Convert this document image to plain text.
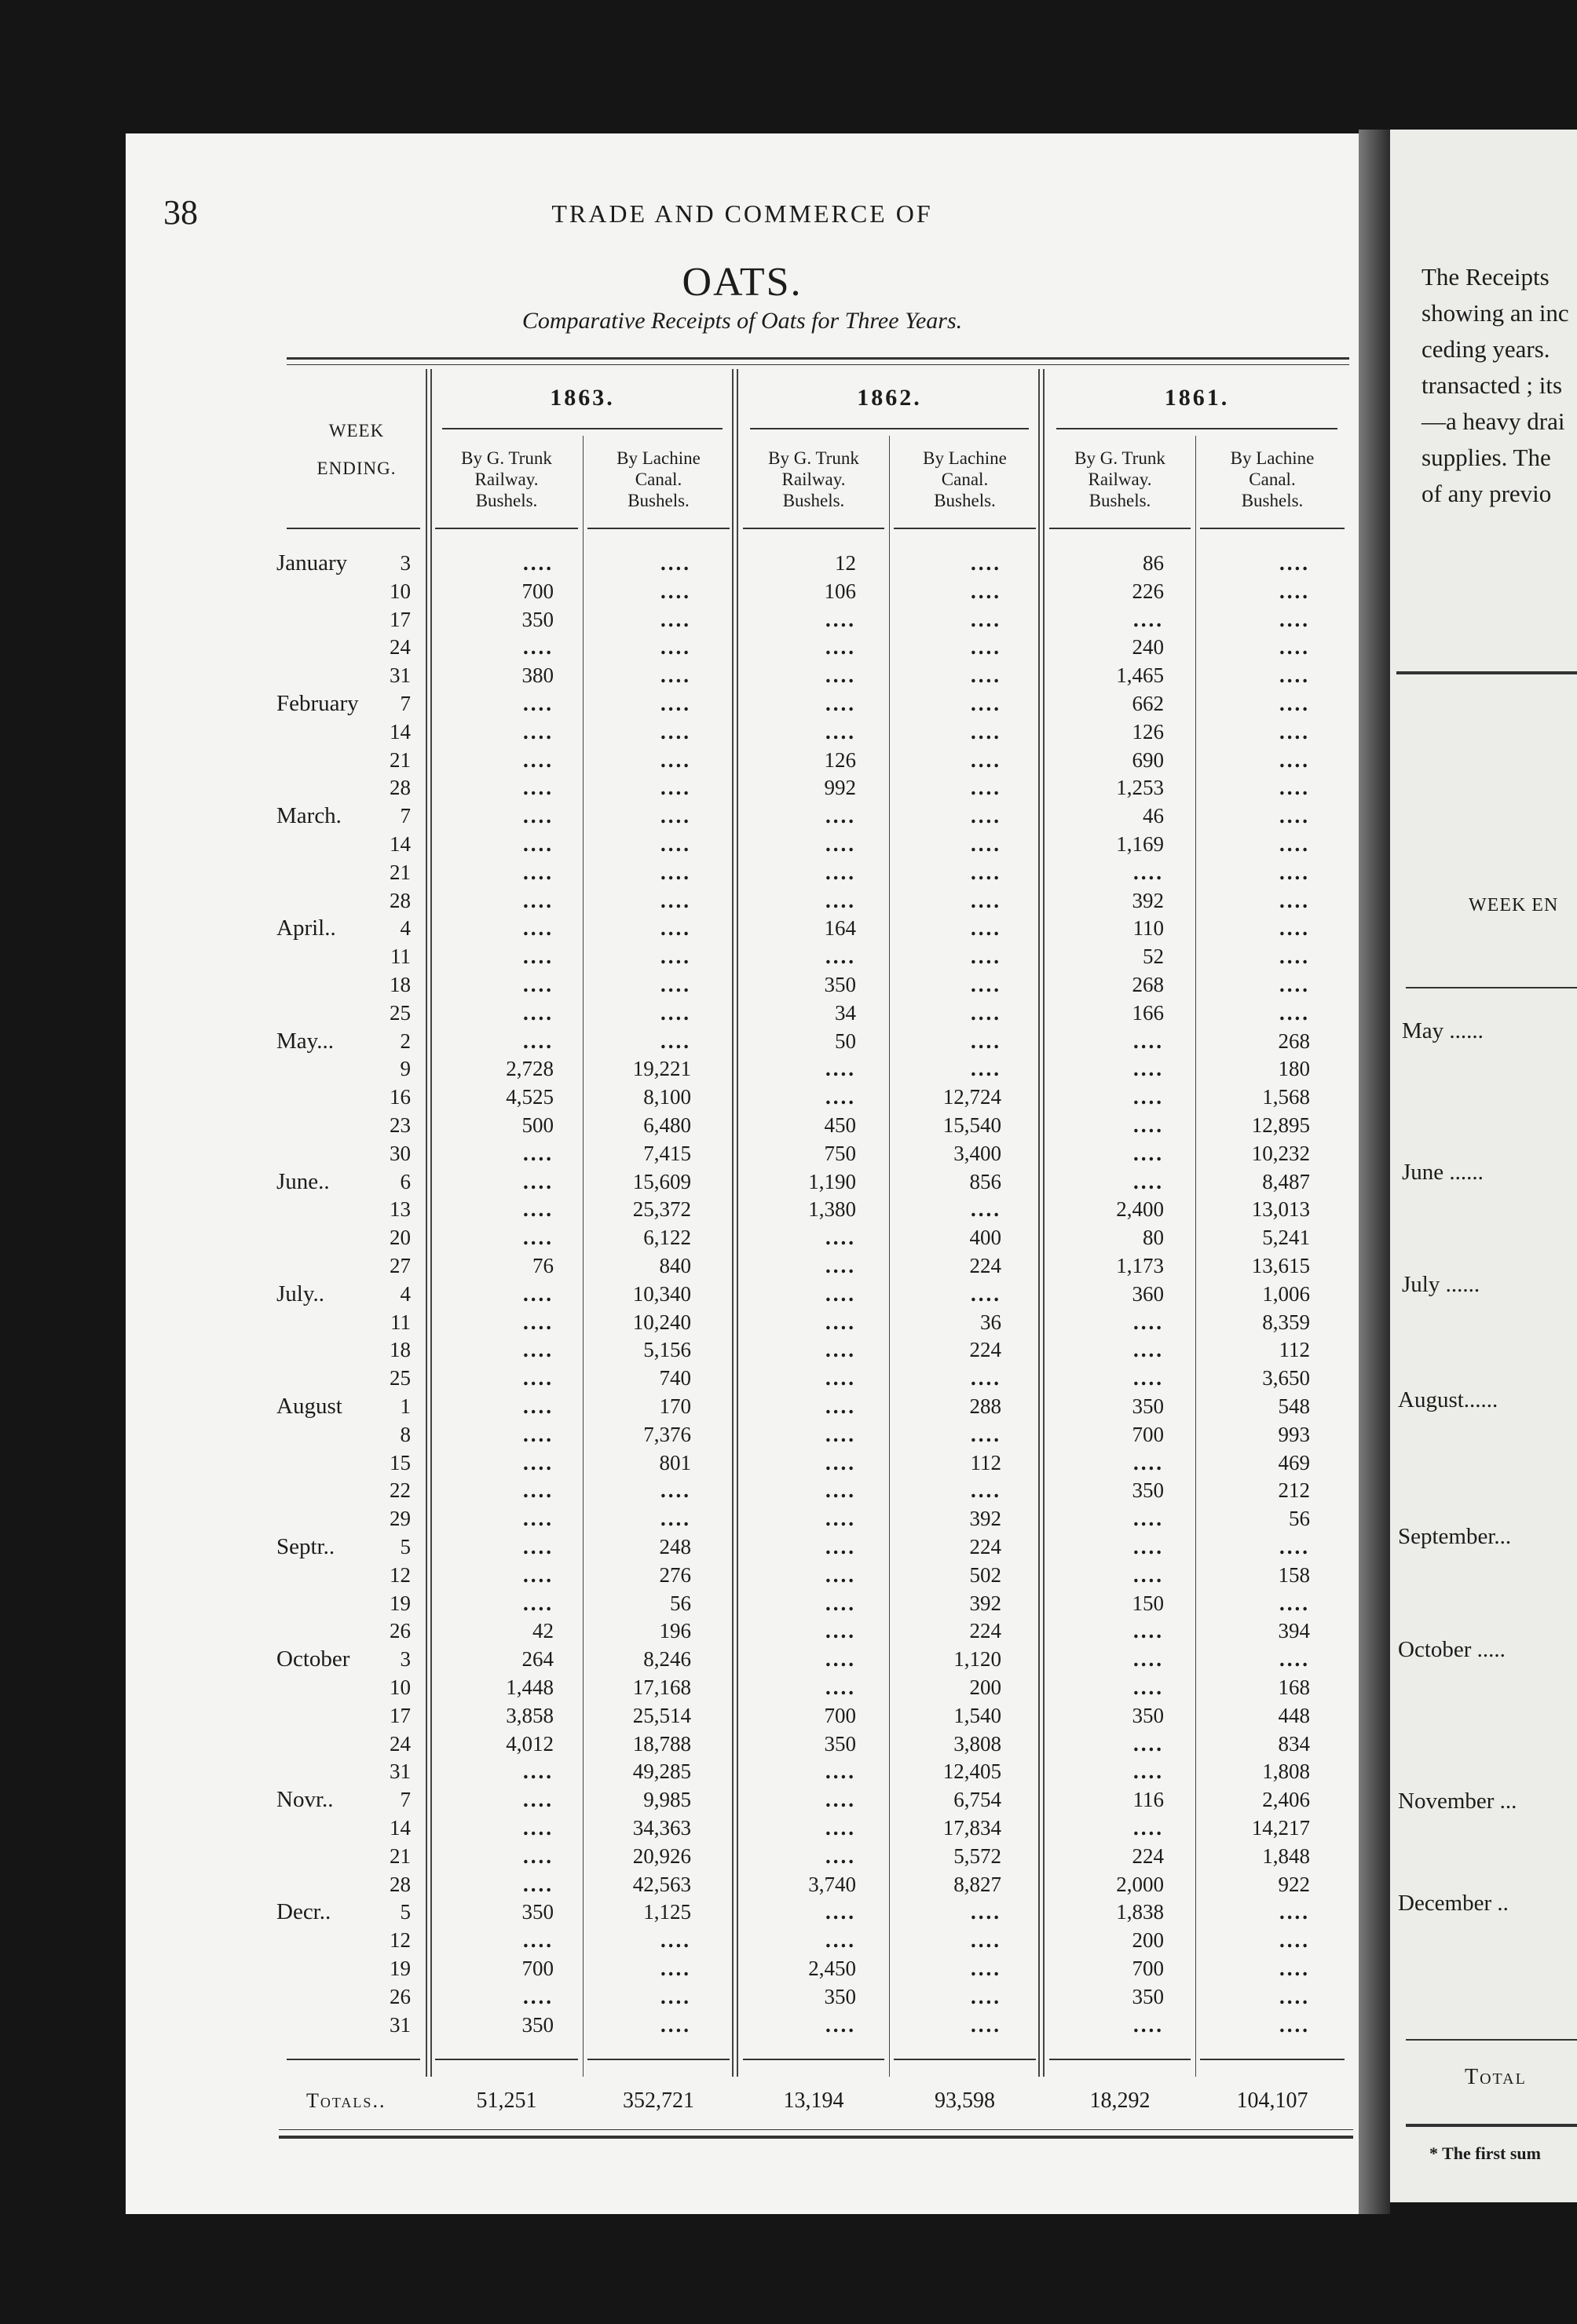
The Receipts
showing an inc
ceding years.
transacted ; its
—a heavy drai
supplies. The
of any previo
WEEK EN
May ......
June ......
July ......
August......
September...
October .....
November ...
December ..
Total
* The first sum
38	TRADE AND COMMERCE OF
OATS.
Comparative Receipts of Oats for Three Years.
WEEK
ENDING.
1863.	1862.	1861.
By G. Trunk
Railway.
Bushels.
By Lachine
Canal.
Bushels.
By G. Trunk
Railway.
Bushels.
By Lachine
Canal.
Bushels.
By G. Trunk
Railway.
Bushels.
By Lachine
Canal.
Bushels.
January	3	....	....	12	....	86	....
10	700	....	106	....	226	....
17	350	....	....	....	....	....
24	....	....	....	....	240	....
31	380	....	....	....	1,465	....
February	7	....	....	....	....	662	....
14	....	....	....	....	126	....
21	....	....	126	....	690	....
28	....	....	992	....	1,253	....
March.	7	....	....	....	....	46	....
14	....	....	....	....	1,169	....
21	....	....	....	....	....	....
28	....	....	....	....	392	....
April..	4	....	....	164	....	110	....
11	....	....	....	....	52	....
18	....	....	350	....	268	....
25	....	....	34	....	166	....
May...	2	....	....	50	....	....	268
9	2,728	19,221	....	....	....	180
16	4,525	8,100	....	12,724	....	1,568
23	500	6,480	450	15,540	....	12,895
30	....	7,415	750	3,400	....	10,232
June..	6	....	15,609	1,190	856	....	8,487
13	....	25,372	1,380	....	2,400	13,013
20	....	6,122	....	400	80	5,241
27	76	840	....	224	1,173	13,615
July..	4	....	10,340	....	....	360	1,006
11	....	10,240	....	36	....	8,359
18	....	5,156	....	224	....	112
25	....	740	....	....	....	3,650
August	1	....	170	....	288	350	548
8	....	7,376	....	....	700	993
15	....	801	....	112	....	469
22	....	....	....	....	350	212
29	....	....	....	392	....	56
Septr..	5	....	248	....	224	....	....
12	....	276	....	502	....	158
19	....	56	....	392	150	....
26	42	196	....	224	....	394
October	3	264	8,246	....	1,120	....	....
10	1,448	17,168	....	200	....	168
17	3,858	25,514	700	1,540	350	448
24	4,012	18,788	350	3,808	....	834
31	....	49,285	....	12,405	....	1,808
Novr..	7	....	9,985	....	6,754	116	2,406
14	....	34,363	....	17,834	....	14,217
21	....	20,926	....	5,572	224	1,848
28	....	42,563	3,740	8,827	2,000	922
Decr..	5	350	1,125	....	....	1,838	....
12	....	....	....	....	200	....
19	700	....	2,450	....	700	....
26	....	....	350	....	350	....
31	350	....	....	....	....	....
Totals..	51,251	352,721	13,194	93,598	18,292	104,107
